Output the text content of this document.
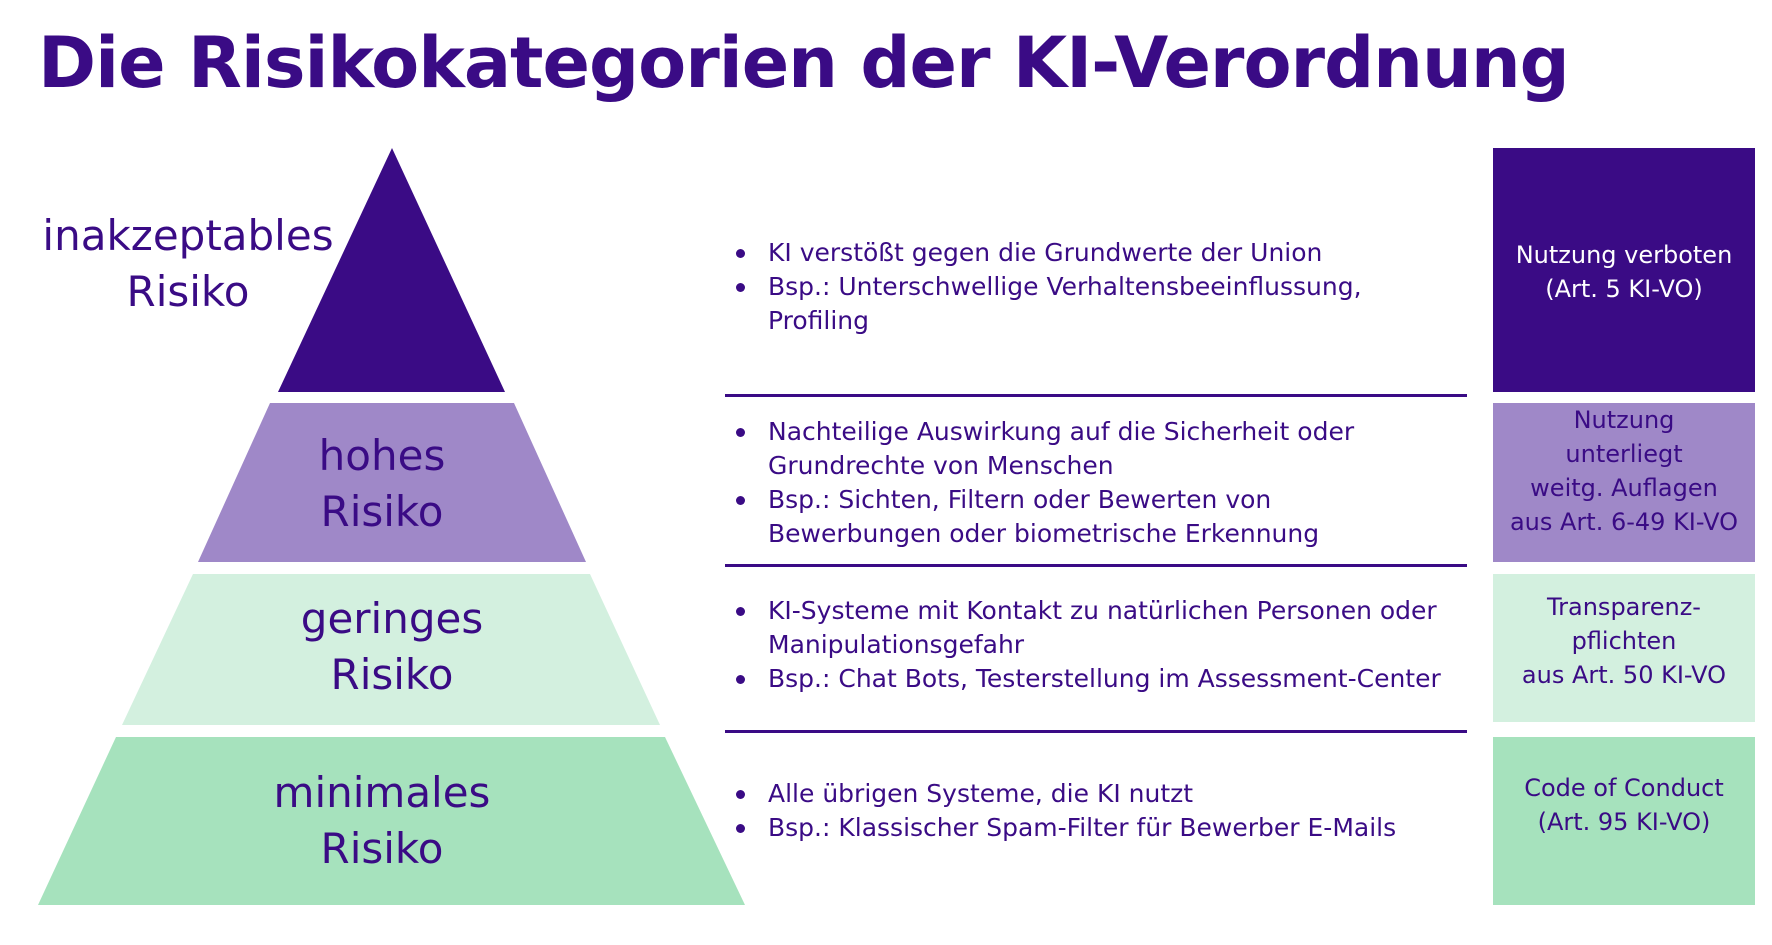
Die Risikokategorien der KI-Verordnung
inakzeptables
Risiko
hohes
Risiko
geringes
Risiko
minimales
Risiko
KI verstößt gegen die Grundwerte der Union
Bsp.: Unterschwellige Verhaltensbeeinflussung, Profiling
Nachteilige Auswirkung auf die Sicherheit oder Grundrechte von Menschen
Bsp.: Sichten, Filtern oder Bewerten von Bewerbungen oder biometrische Erkennung
KI-Systeme mit Kontakt zu natürlichen Personen oder Manipulationsgefahr
Bsp.: Chat Bots, Testerstellung im Assessment-Center
Alle übrigen Systeme, die KI nutzt
Bsp.: Klassischer Spam-Filter für Bewerber E-Mails
Nutzung verboten
(Art. 5 KI-VO)
Nutzung
unterliegt
weitg. Auflagen
aus Art. 6-49 KI-VO
Transparenz-
pflichten
aus Art. 50 KI-VO
Code of Conduct
(Art. 95 KI-VO)
